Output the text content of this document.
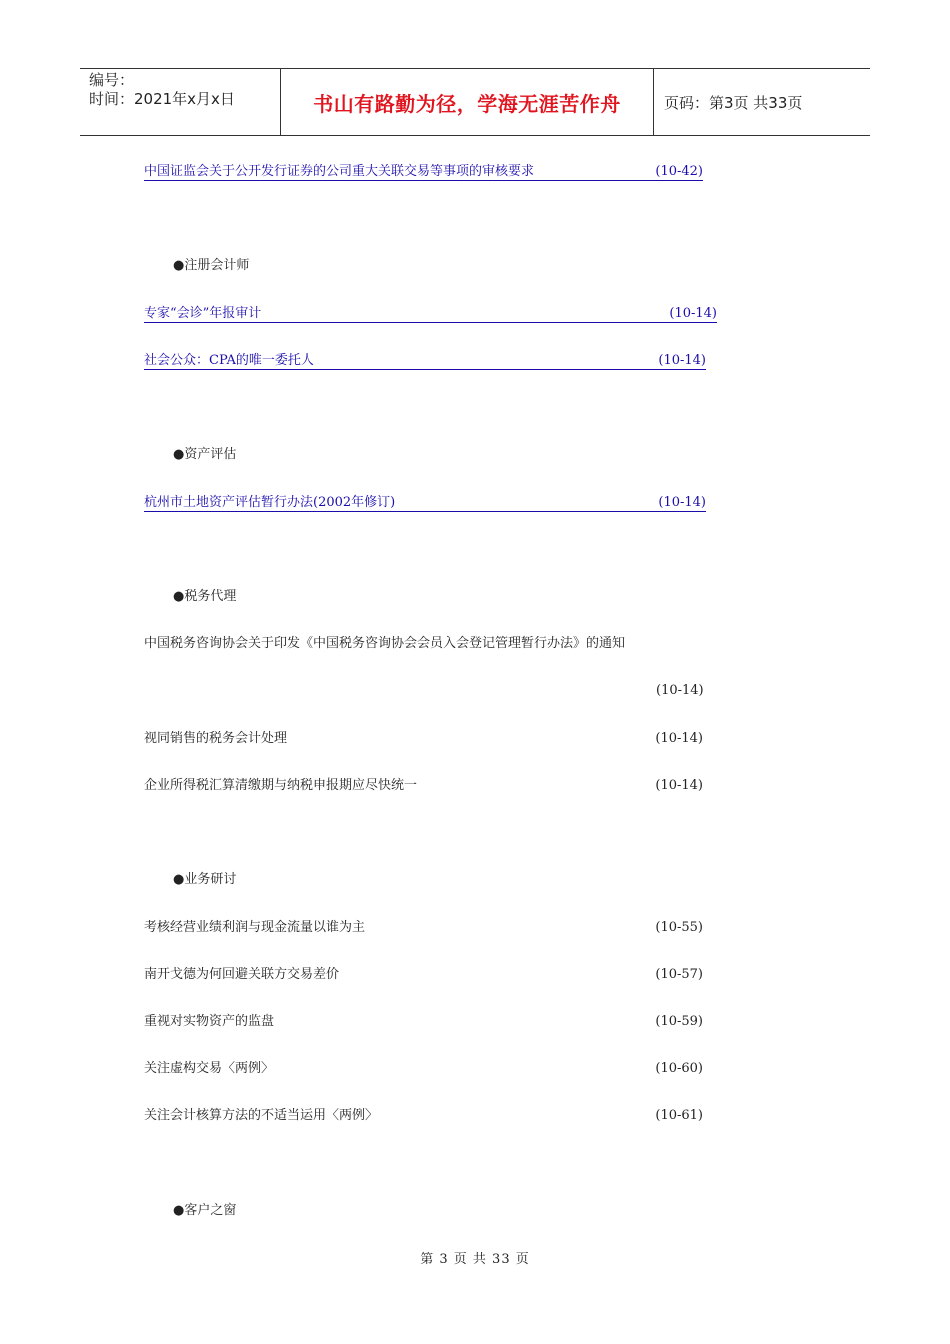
编号：
时间：2021年x月x日	书山有路勤为径，学海无涯苦作舟	页码：第3页 共33页
中国证监会关于公开发行证券的公司重大关联交易等事项的审核要求	(10-42)
●注册会计师
专家“会诊”年报审计	(10-14)
社会公众：CPA的唯一委托人	(10-14)
●资产评估
杭州市土地资产评估暂行办法(2002年修订)	(10-14)
●税务代理
中国税务咨询协会关于印发《中国税务咨询协会会员入会登记管理暂行办法》的通知
(10-14)
视同销售的税务会计处理	(10-14)
企业所得税汇算清缴期与纳税申报期应尽快统一	(10-14)
●业务研讨
考核经营业绩利润与现金流量以谁为主	(10-55)
南开戈德为何回避关联方交易差价	(10-57)
重视对实物资产的监盘	(10-59)
关注虚构交易〈两例〉	(10-60)
关注会计核算方法的不适当运用〈两例〉	(10-61)
●客户之窗
第 3 页 共 33 页
